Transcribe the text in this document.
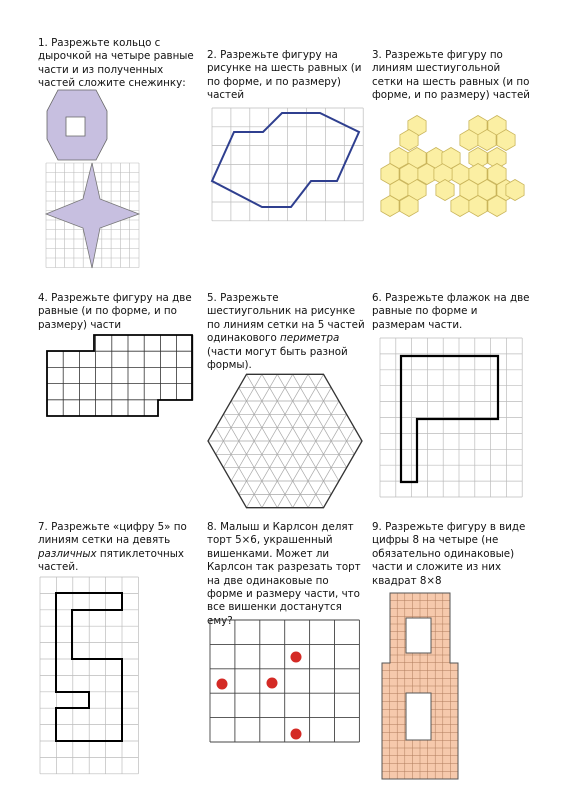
1. Разрежьте кольцо с дырочкой на четыре равные части и из полученных частей сложите снежинку:

2. Разрежьте фигуру на рисунке на шесть равных (и по форме, и по размеру) частей

3. Разрежьте фигуру по линиям шестиугольной сетки на шесть равных (и по форме, и по размеру) частей

4. Разрежьте фигуру на две равные (и по форме, и по размеру) части

5. Разрежьте шестиугольник на рисунке по линиям сетки на 5 частей одинакового периметра (части могут быть разной формы).

6. Разрежьте флажок на две равные по форме и размерам части.

7. Разрежьте «цифру 5» по линиям сетки на девять различных пятиклеточных частей.

8. Малыш и Карлсон делят торт 5×6, украшенный вишенками. Может ли Карлсон так разрезать торт на две одинаковые по форме и размеру части, что все вишенки достанутся ему?

9. Разрежьте фигуру в виде цифры 8 на четыре (не обязательно одинаковые) части и сложите из них квадрат 8×8
